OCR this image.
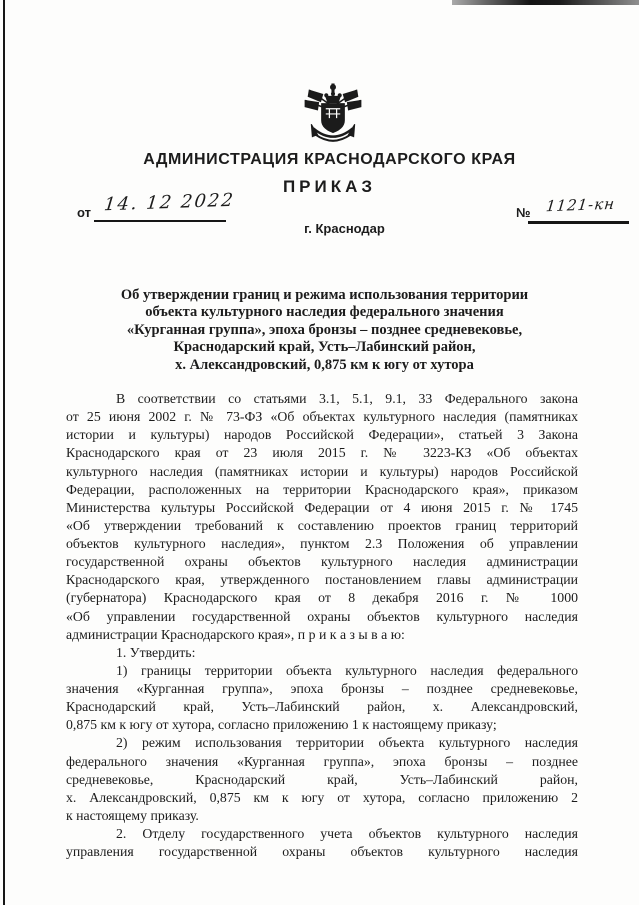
АДМИНИСТРАЦИЯ КРАСНОДАРСКОГО КРАЯ
ПРИКАЗ
от 14. 12 2022	№ 1121-кн
г. Краснодар
Об утверждении границ и режима использования территории
объекта культурного наследия федерального значения
«Курганная группа», эпоха бронзы – позднее средневековье,
Краснодарский край, Усть–Лабинский район,
х. Александровский, 0,875 км к югу от хутора
В соответствии со статьями 3.1, 5.1, 9.1, 33 Федерального закона
от 25 июня 2002 г. № 73-ФЗ «Об объектах культурного наследия (памятниках
истории и культуры) народов Российской Федерации», статьей 3 Закона
Краснодарского края от 23 июля 2015 г. № 3223-КЗ «Об объектах
культурного наследия (памятниках истории и культуры) народов Российской
Федерации, расположенных на территории Краснодарского края», приказом
Министерства культуры Российской Федерации от 4 июня 2015 г. № 1745
«Об утверждении требований к составлению проектов границ территорий
объектов культурного наследия», пунктом 2.3 Положения об управлении
государственной охраны объектов культурного наследия администрации
Краснодарского края, утвержденного постановлением главы администрации
(губернатора) Краснодарского края от 8 декабря 2016 г. № 1000
«Об управлении государственной охраны объектов культурного наследия
администрации Краснодарского края», п р и к а з ы в а ю:
1. Утвердить:
1) границы территории объекта культурного наследия федерального
значения «Курганная группа», эпоха бронзы – позднее средневековье,
Краснодарский край, Усть–Лабинский район, х. Александровский,
0,875 км к югу от хутора, согласно приложению 1 к настоящему приказу;
2) режим использования территории объекта культурного наследия
федерального значения «Курганная группа», эпоха бронзы – позднее
средневековье, Краснодарский край, Усть–Лабинский район,
х. Александровский, 0,875 км к югу от хутора, согласно приложению 2
к настоящему приказу.
2. Отделу государственного учета объектов культурного наследия
управления государственной охраны объектов культурного наследия
